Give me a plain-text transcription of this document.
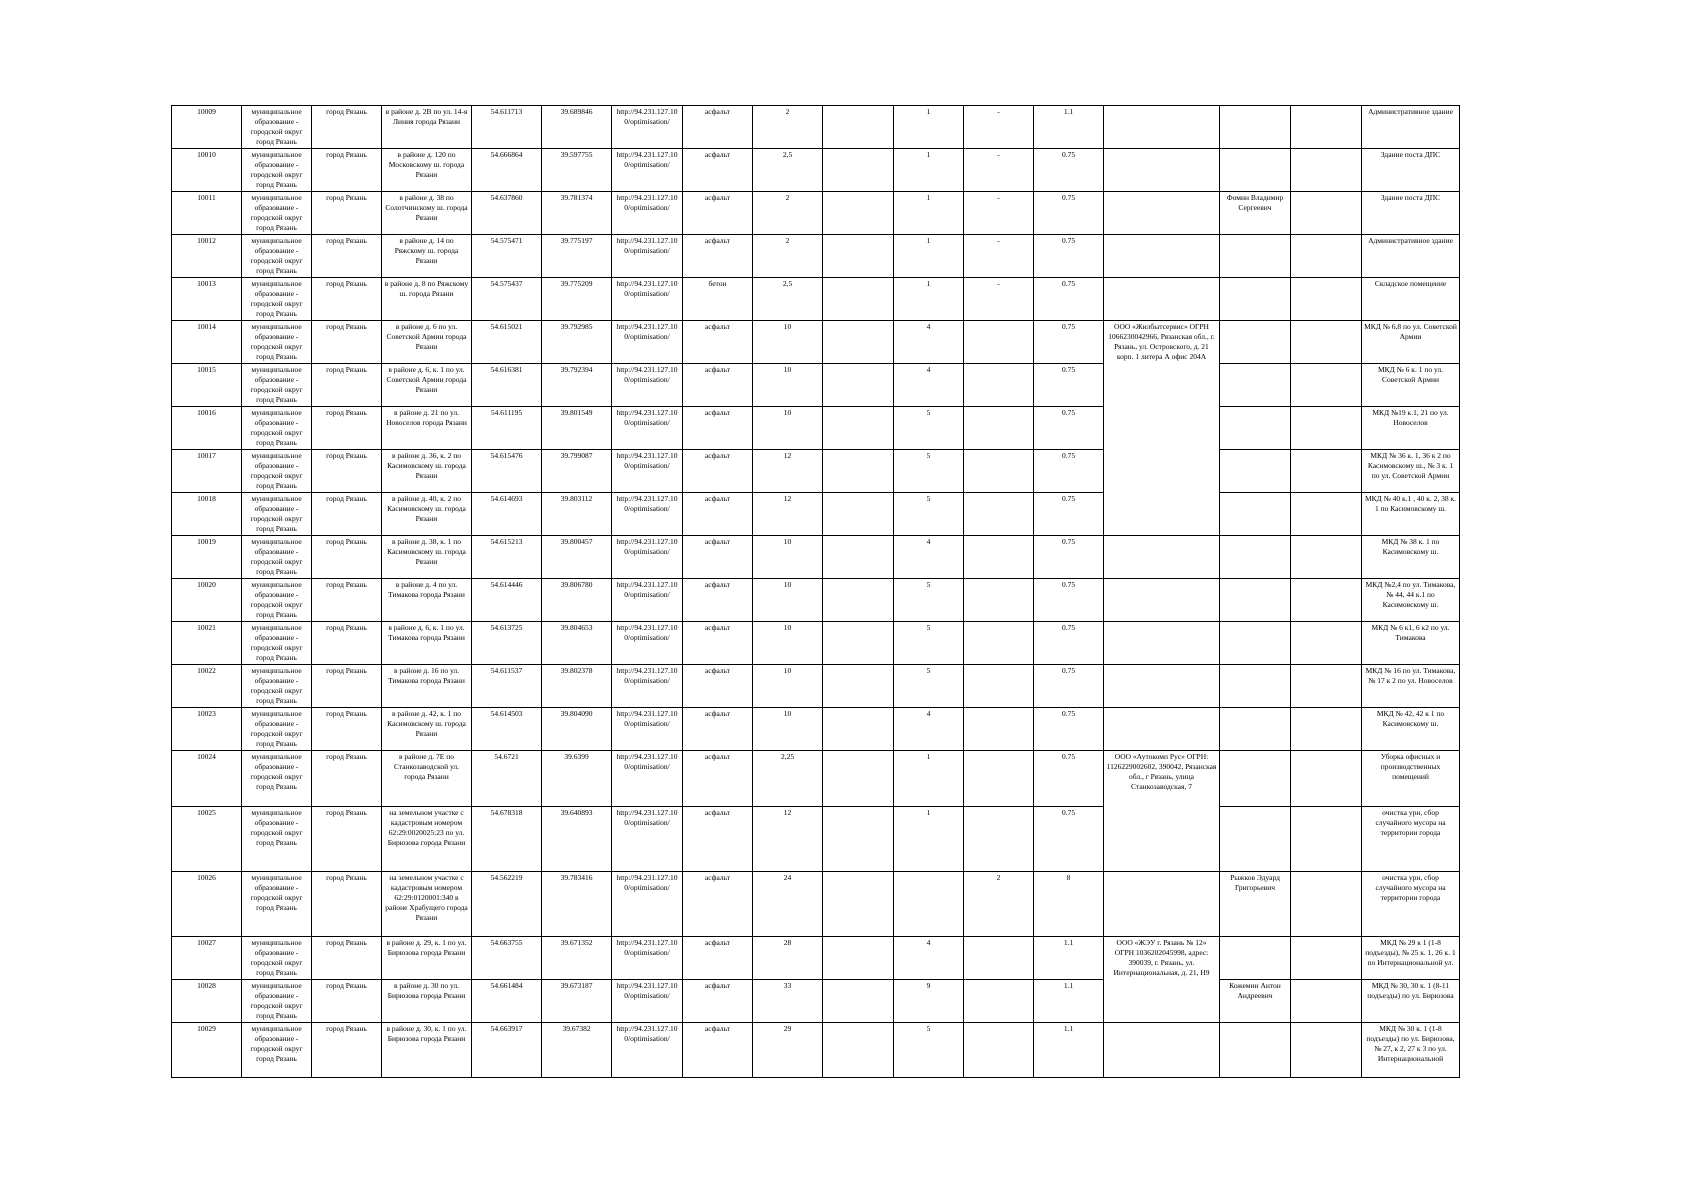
10009	муниципальное образование - городской округ город Рязань	город Рязань	в районе д. 2В по ул. 14-я Линия города Рязани	54.611713	39.689846	http://94.231.127.10 0/optimisation/	асфальт	2		1	-	1.1				Административное здание
10010	муниципальное образование - городской округ город Рязань	город Рязань	в районе д. 120 по Московскому ш. города Рязани	54.666864	39.597755	http://94.231.127.10 0/optimisation/	асфальт	2,5		1	-	0.75				Здание поста ДПС
10011	муниципальное образование - городской округ город Рязань	город Рязань	в районе д. 38 по Солотчинскому ш. города Рязани	54.637860	39.781374	http://94.231.127.10 0/optimisation/	асфальт	2		1	-	0.75		Фомин Владимир Сергеевич		Здание поста ДПС
10012	муниципальное образование - городской округ город Рязань	город Рязань	в районе д. 14 по Ряжскому ш. города Рязани	54.575471	39.775197	http://94.231.127.10 0/optimisation/	асфальт	2		1	-	0.75				Административное здание
10013	муниципальное образование - городской округ город Рязань	город Рязань	в районе д. 8 по Ряжскому ш. города Рязани	54.575437	39.775209	http://94.231.127.10 0/optimisation/	бетон	2,5		1	-	0.75				Складское помещение
10014	муниципальное образование - городской округ город Рязань	город Рязань	в районе д. 6 по ул. Советской Армии города Рязани	54.615021	39.792985	http://94.231.127.10 0/optimisation/	асфальт	10		4		0.75	ООО «Жилбытсервис» ОГРН 1066230042966, Рязанская обл., г. Рязань, ул. Островского, д. 21 корп. 1 литера А офис 204А			МКД № 6,8 по ул. Советской Армии
10015	муниципальное образование - городской округ город Рязань	город Рязань	в районе д. 6, к. 1 по ул. Советской Армии города Рязани	54.616381	39.792394	http://94.231.127.10 0/optimisation/	асфальт	10		4		0.75				МКД № 6 к. 1 по ул. Советской Армии
10016	муниципальное образование - городской округ город Рязань	город Рязань	в районе д. 21 по ул. Новоселов города Рязани	54.611195	39.801549	http://94.231.127.10 0/optimisation/	асфальт	10		5		0.75				МКД №19 к.1, 21 по ул. Новоселов
10017	муниципальное образование - городской округ город Рязань	город Рязань	в районе д. 36, к. 2 по Касимовскому ш. города Рязани	54.615476	39.799087	http://94.231.127.10 0/optimisation/	асфальт	12		5		0.75				МКД № 36 к. 1, 36 к 2 по Касимовскому ш., № 3 к. 1 по ул. Советской Армии
10018	муниципальное образование - городской округ город Рязань	город Рязань	в районе д. 40, к. 2 по Касимовскому ш. города Рязани	54.614693	39.803112	http://94.231.127.10 0/optimisation/	асфальт	12		5		0.75				МКД № 40 к.1 , 40 к. 2, 38 к. 1 по Касимовскому ш.
10019	муниципальное образование - городской округ город Рязань	город Рязань	в районе д. 38, к. 1 по Касимовскому ш. города Рязани	54.615213	39.800457	http://94.231.127.10 0/optimisation/	асфальт	10		4		0.75				МКД № 38 к. 1 по Касимовскому ш.
10020	муниципальное образование - городской округ город Рязань	город Рязань	в районе д. 4 по ул. Тимакова города Рязани	54.614446	39.806780	http://94.231.127.10 0/optimisation/	асфальт	10		5		0.75				МКД №2,4 по ул. Тимакова, № 44, 44 к.1 по Касимовскому ш.
10021	муниципальное образование - городской округ город Рязань	город Рязань	в районе д. 6, к. 1 по ул. Тимакова города Рязани	54.613725	39.804653	http://94.231.127.10 0/optimisation/	асфальт	10		5		0.75				МКД № 6 к1, 6 к2 по ул. Тимакова
10022	муниципальное образование - городской округ город Рязань	город Рязань	в районе д. 16 по ул. Тимакова города Рязани	54.611537	39.802378	http://94.231.127.10 0/optimisation/	асфальт	10		5		0.75				МКД № 16 по ул. Тимакова, № 17 к 2 по ул. Новоселов
10023	муниципальное образование - городской округ город Рязань	город Рязань	в районе д. 42, к. 1 по Касимовскому ш. города Рязани	54.614503	39.804090	http://94.231.127.10 0/optimisation/	асфальт	10		4		0.75				МКД № 42, 42 к 1 по Касимовскому ш.
10024	муниципальное образование - городской округ город Рязань	город Рязань	в районе д. 7Е по Станкозаводской ул. города Рязани	54.6721	39.6399	http://94.231.127.10 0/optimisation/	асфальт	2,25		1		0.75	ООО «Аутокомп Рус» ОГРН: 1126229002602, 390042, Рязанская обл., г Рязань, улица Станкозаводская, 7			Уборка офисных и производственных помещений
10025	муниципальное образование - городской округ город Рязань	город Рязань	на земельном участке с кадастровым номером 62:29:0020025:23 по ул. Бирюзова города Рязани	54.678318	39.640893	http://94.231.127.10 0/optimisation/	асфальт	12		1		0.75				очистка урн, сбор случайного мусора на территории города
10026	муниципальное образование - городской округ город Рязань	город Рязань	на земельном участке с кадастровым номером 62:29:0120001:340 в районе Храбущего города Рязани	54.562219	39.783416	http://94.231.127.10 0/optimisation/	асфальт	24			2	8		Рыжков Эдуард Григорьевич		очистка урн, сбор случайного мусора на территории города
10027	муниципальное образование - городской округ город Рязань	город Рязань	в районе д. 29, к. 1 по ул. Бирюзова города Рязани	54.663755	39.671352	http://94.231.127.10 0/optimisation/	асфальт	28		4		1.1	ООО «ЖЭУ г. Рязань № 12» ОГРН 1036202045998, адрес: 390039, г. Рязань, ул. Интернациональная, д. 21, Н9			МКД № 29 к 1 (1-8 подъезды), № 25 к. 1, 26 к. 1 по Интернациональной ул.
10028	муниципальное образование - городской округ город Рязань	город Рязань	в районе д. 30 по ул. Бирюзова города Рязани	54.661484	39.673187	http://94.231.127.10 0/optimisation/	асфальт	33		9		1.1		Кожемин Антон Андреевич		МКД № 30, 30 к. 1 (8-11 подъезды) по ул. Бирюзова
10029	муниципальное образование - городской округ город Рязань	город Рязань	в районе д. 30, к. 1 по ул. Бирюзова города Рязани	54.663917	39.67382	http://94.231.127.10 0/optimisation/	асфальт	29		5		1.1				МКД № 30 к. 1 (1-8 подъезды) по ул. Бирюзова, № 27, к 2, 27 к 3 по ул. Интернациональной
